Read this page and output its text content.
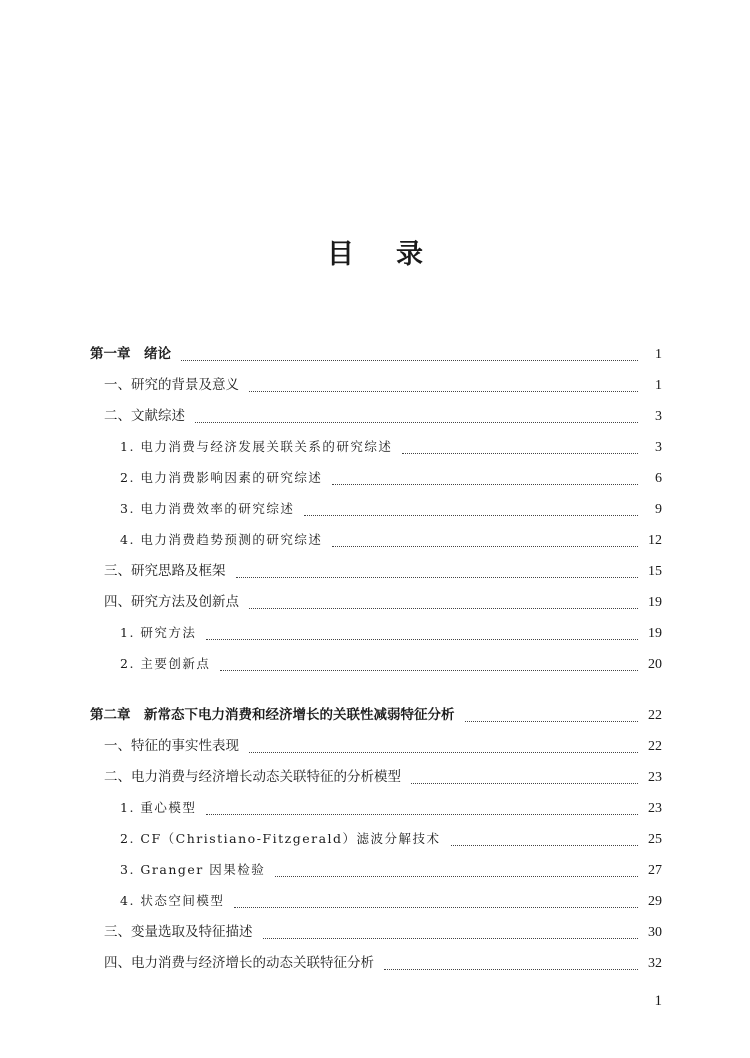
目录
第一章　绪论	1
一、研究的背景及意义	1
二、文献综述	3
1. 电力消费与经济发展关联关系的研究综述	3
2. 电力消费影响因素的研究综述	6
3. 电力消费效率的研究综述	9
4. 电力消费趋势预测的研究综述	12
三、研究思路及框架	15
四、研究方法及创新点	19
1. 研究方法	19
2. 主要创新点	20
第二章　新常态下电力消费和经济增长的关联性减弱特征分析	22
一、特征的事实性表现	22
二、电力消费与经济增长动态关联特征的分析模型	23
1. 重心模型	23
2. CF（Christiano-Fitzgerald）滤波分解技术	25
3. Granger 因果检验	27
4. 状态空间模型	29
三、变量选取及特征描述	30
四、电力消费与经济增长的动态关联特征分析	32
1
